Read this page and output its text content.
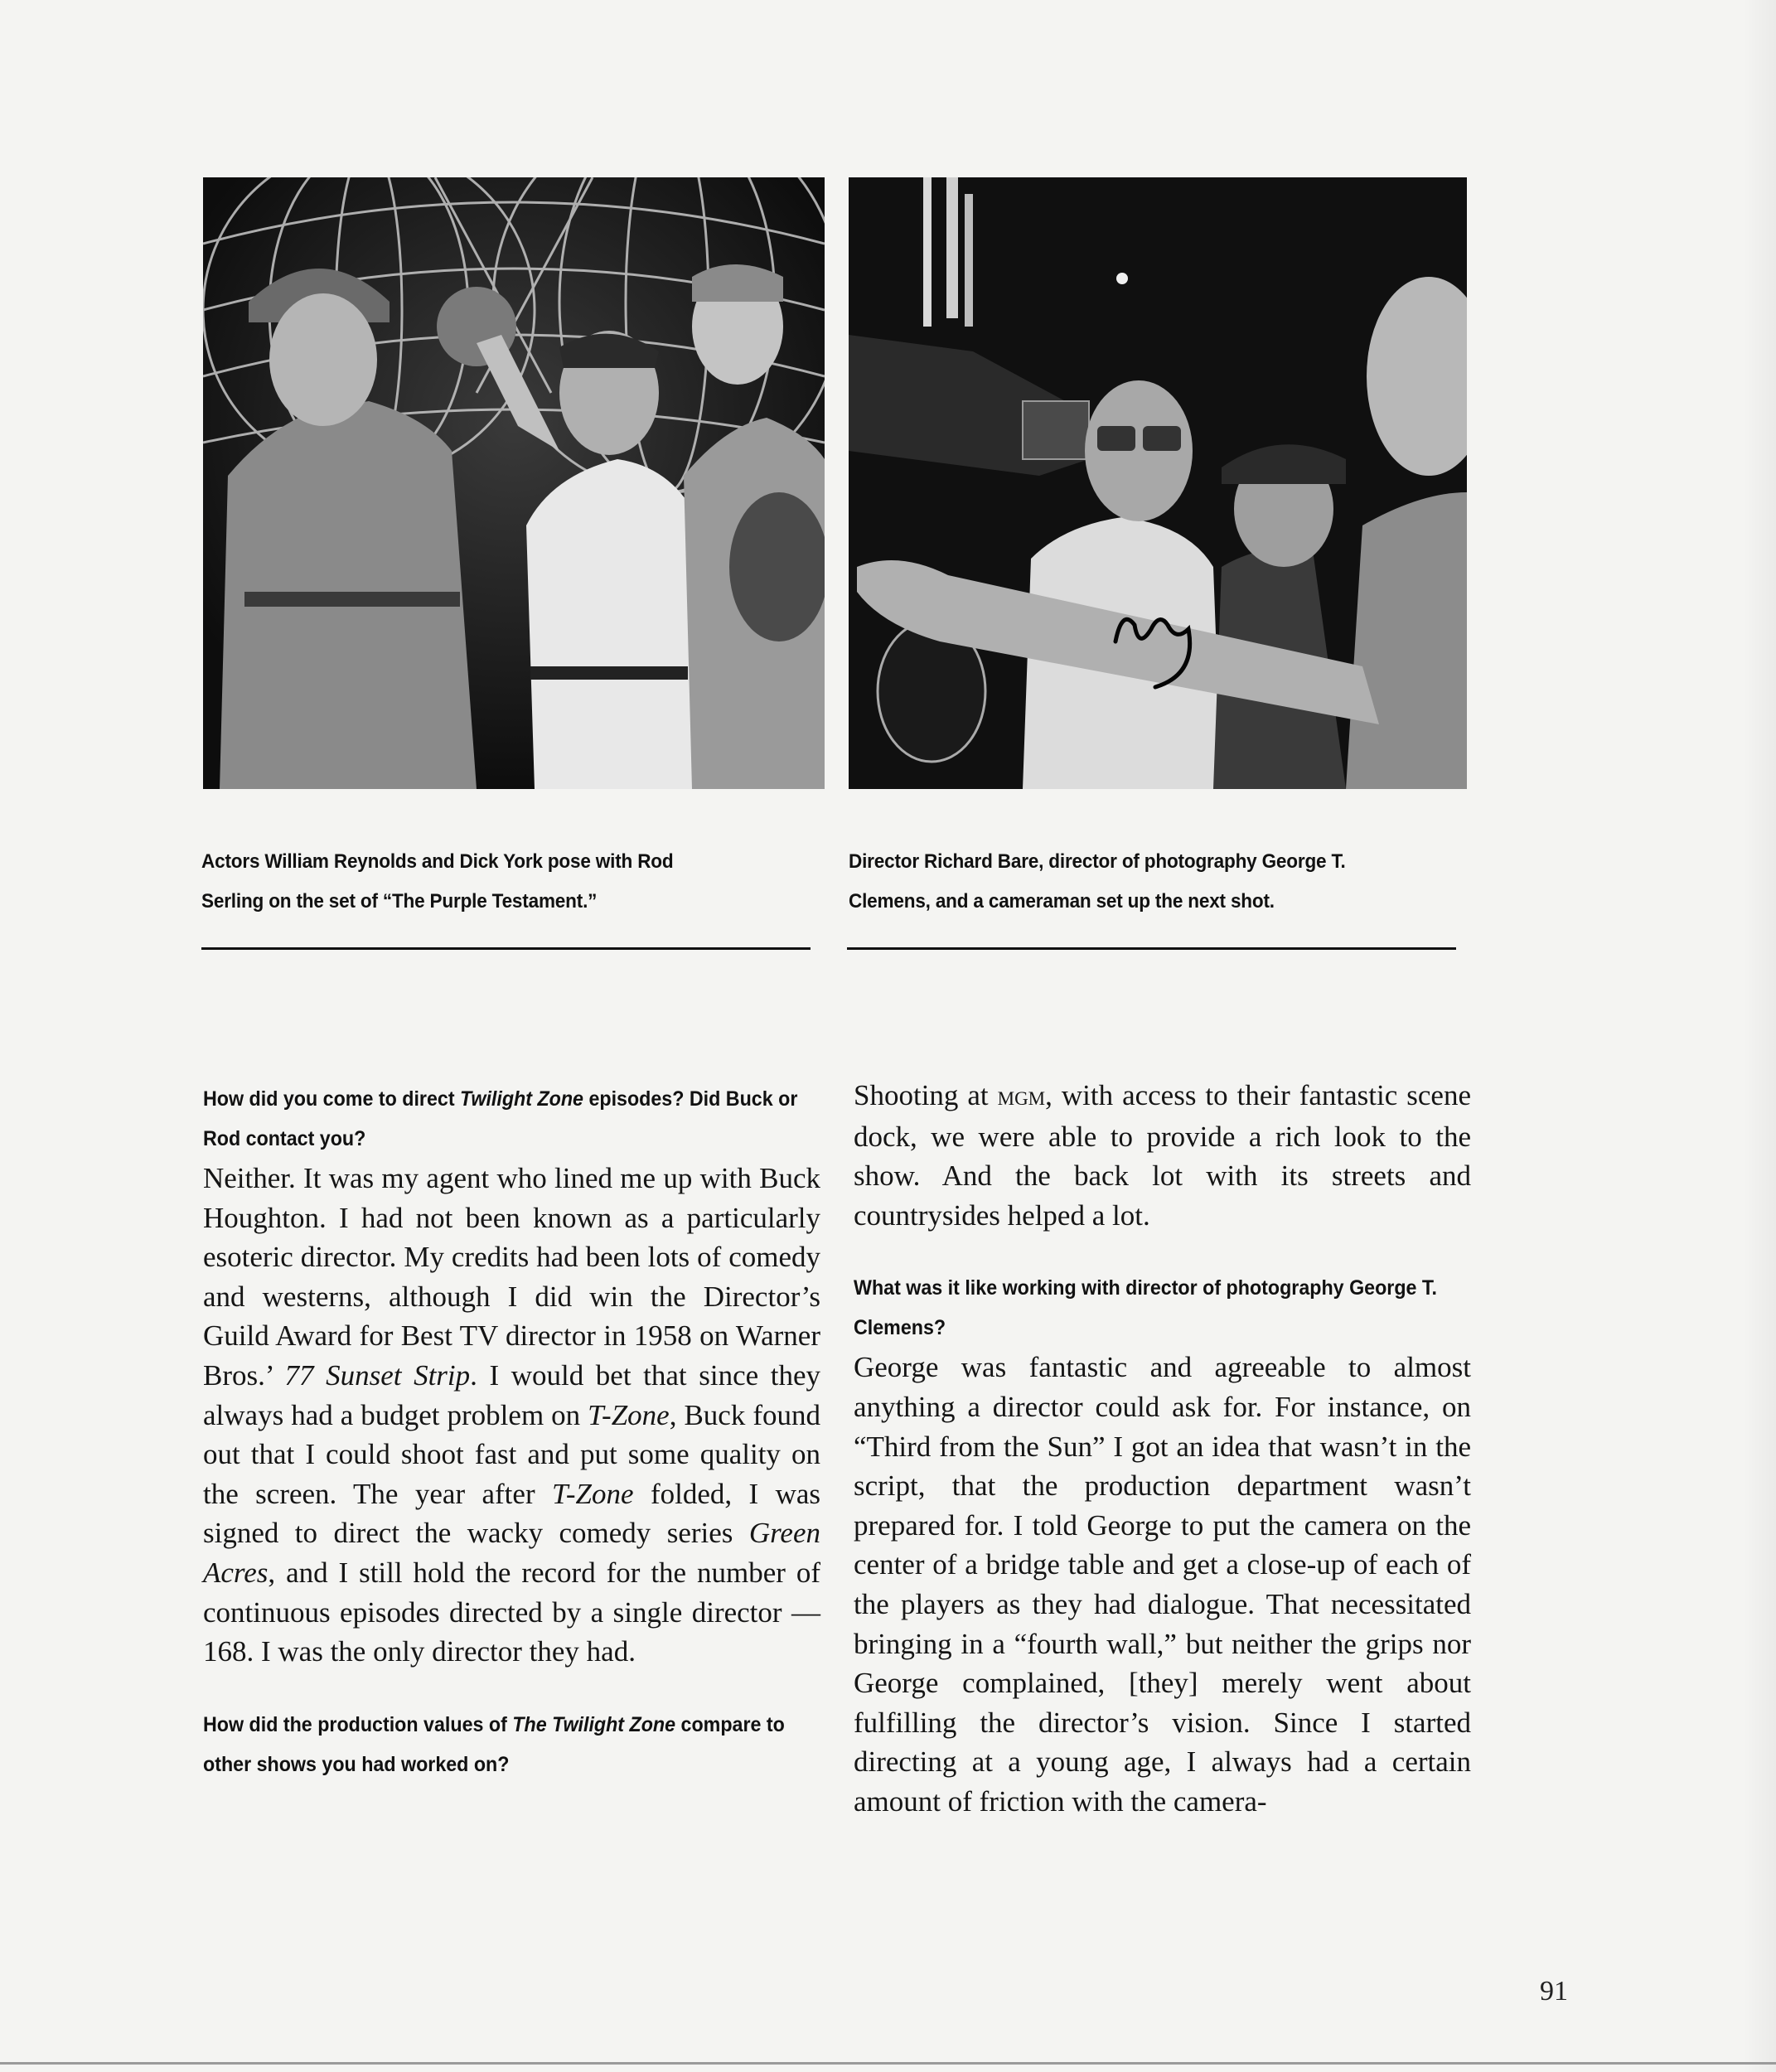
Actors William Reynolds and Dick York pose with Rod
Serling on the set of “The Purple Testament.”
Director Richard Bare, director of photography George T.
Clemens, and a cameraman set up the next shot.
How did you come to direct Twilight Zone episodes? Did Buck or Rod contact you?
Neither. It was my agent who lined me up with Buck Houghton. I had not been known as a particularly esoteric director. My credits had been lots of comedy and westerns, although I did win the Director’s Guild Award for Best TV director in 1958 on Warner Bros.’ 77 Sunset Strip. I would bet that since they always had a budget problem on T-Zone, Buck found out that I could shoot fast and put some quality on the screen. The year after T-Zone folded, I was signed to direct the wacky comedy series Green Acres, and I still hold the record for the number of continuous episodes directed by a single director — 168. I was the only director they had.
How did the production values of The Twilight Zone compare to other shows you had worked on?
Shooting at mgm, with access to their fantastic scene dock, we were able to provide a rich look to the show. And the back lot with its streets and countrysides helped a lot.
What was it like working with director of photography George T. Clemens?
George was fantastic and agreeable to almost anything a director could ask for. For instance, on “Third from the Sun” I got an idea that wasn’t in the script, that the production department wasn’t prepared for. I told George to put the camera on the center of a bridge table and get a close-up of each of the players as they had dialogue. That necessitated bringing in a “fourth wall,” but neither the grips nor George complained, [they] merely went about fulfilling the director’s vision. Since I started directing at a young age, I always had a certain amount of friction with the camera-
91
